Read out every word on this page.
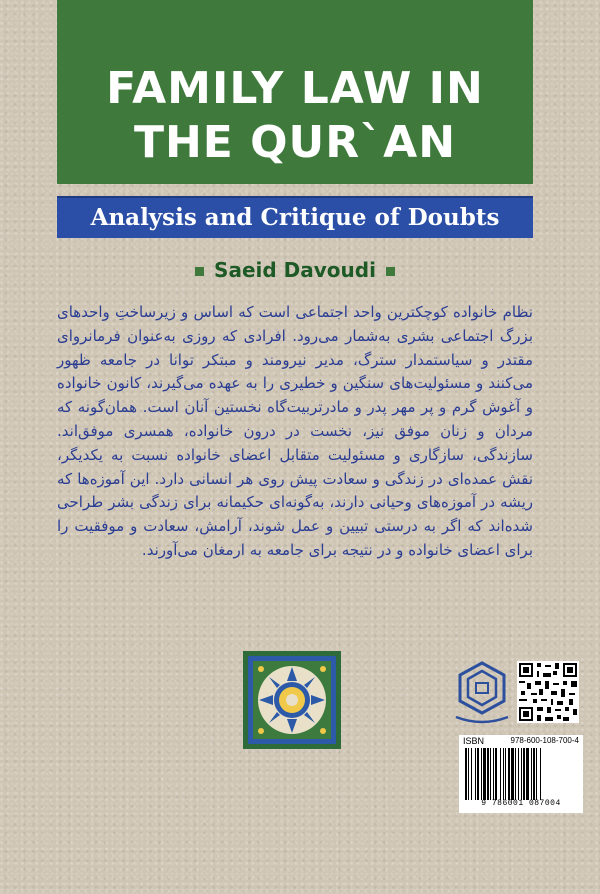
FAMILY LAW IN
THE QUR`AN
Analysis and Critique of Doubts
Saeid Davoudi
نظام خانواده کوچکترین واحد اجتماعی است که اساس و زیرساختِ واحدهای بزرگ اجتماعی بشری به‌شمار می‌رود. افرادی که روزی به‌عنوان فرمانروای مقتدر و سیاستمدار سترگ، مدیر نیرومند و مبتکر توانا در جامعه ظهور می‌کنند و مسئولیت‌های سنگین و خطیری را به عهده می‌گیرند، کانون خانواده و آغوش گرم و پر مهر پدر و مادرتربیت‌گاه نخستین آنان است. همان‌گونه که مردان و زنان موفق نیز، نخست در درون خانواده، همسری موفق‌اند. سازندگی، سازگاری و مسئولیت متقابل اعضای خانواده نسبت به یکدیگر، نقش عمده‌ای در زندگی و سعادت پیش روی هر انسانی دارد. این آموزه‌ها که ریشه در آموزه‌های وحیانی دارند، به‌گونه‌ای حکیمانه برای زندگی بشر طراحی شده‌اند که اگر به درستی تبیین و عمل شوند، آرامش، سعادت و موفقیت را برای اعضای خانواده و در نتیجه برای جامعه به ارمغان می‌آورند.
ISBN	978-600-108-700-4
9 786001 087004
